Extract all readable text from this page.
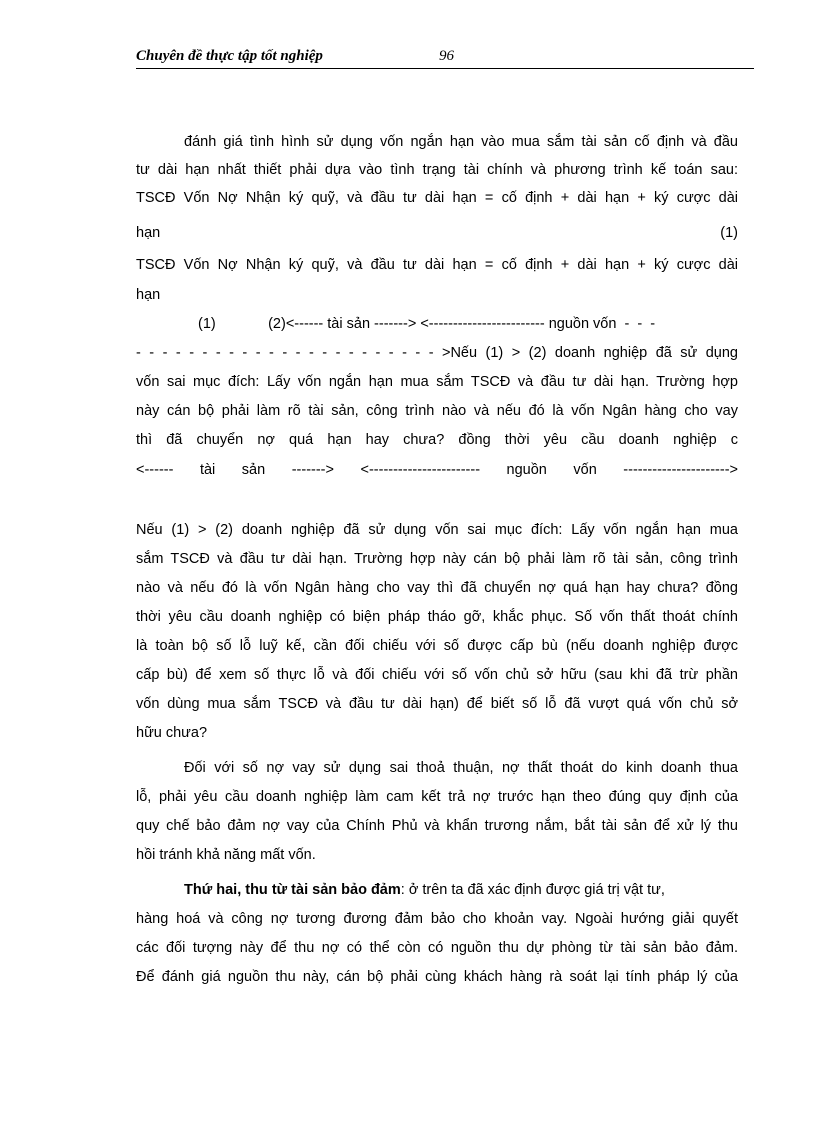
Chuyên đề thực tập tốt nghiệp	96
đánh giá tình hình sử dụng vốn ngắn hạn vào mua sắm tài sản cố định và đầu
tư dài hạn nhất thiết phải dựa vào tình trạng tài chính và phương trình kế toán sau:
TSCĐ Vốn Nợ Nhận ký quỹ, và đầu tư dài hạn = cố định + dài hạn + ký cược dài
hạn	(1)
TSCĐ Vốn Nợ Nhận ký quỹ, và đầu tư dài hạn = cố định + dài hạn + ký cược dài
hạn
(1)             (2)<------ tài sản -------> <------------------------ nguồn vốn  -  -  -
- - - - - - - - - - - - - - - - - - - - - - - >Nếu (1) > (2) doanh nghiệp đã sử dụng
vốn sai mục đích: Lấy vốn ngắn hạn mua sắm TSCĐ và đầu tư dài hạn. Trường hợp
này cán bộ phải làm rõ tài sản, công trình nào và nếu đó là vốn Ngân hàng cho vay
thì đã chuyển nợ quá hạn hay chưa? đồng thời yêu cầu doanh nghiệp c
<------ tài sản -------> <----------------------- nguồn vốn ---------------------->
Nếu (1) > (2) doanh nghiệp đã sử dụng vốn sai mục đích: Lấy vốn ngắn hạn mua
sắm TSCĐ và đầu tư dài hạn. Trường hợp này cán bộ phải làm rõ tài sản, công trình
nào và nếu đó là vốn Ngân hàng cho vay thì đã chuyển nợ quá hạn hay chưa? đồng
thời yêu cầu doanh nghiệp có biện pháp tháo gỡ, khắc phục. Số vốn thất thoát chính
là toàn bộ số lỗ luỹ kế, cần đối chiếu với số được cấp bù (nếu doanh nghiệp được
cấp bù) để xem số thực lỗ và đối chiếu với số vốn chủ sở hữu (sau khi đã trừ phần
vốn dùng mua sắm TSCĐ và đầu tư dài hạn) để biết số lỗ đã vượt quá vốn chủ sở
hữu chưa?
Đối với số nợ vay sử dụng sai thoả thuận, nợ thất thoát do kinh doanh thua
lỗ, phải yêu cầu doanh nghiệp làm cam kết trả nợ trước hạn theo đúng quy định của
quy chế bảo đảm nợ vay của Chính Phủ và khẩn trương nắm, bắt tài sản để xử lý thu
hồi tránh khả năng mất vốn.
Thứ hai, thu từ tài sản bảo đảm: ở trên ta đã xác định được giá trị vật tư,
hàng hoá và công nợ tương đương đảm bảo cho khoản vay. Ngoài hướng giải quyết
các đối tượng này để thu nợ có thể còn có nguồn thu dự phòng từ tài sản bảo đảm.
Để đánh giá nguồn thu này, cán bộ phải cùng khách hàng rà soát lại tính pháp lý của
